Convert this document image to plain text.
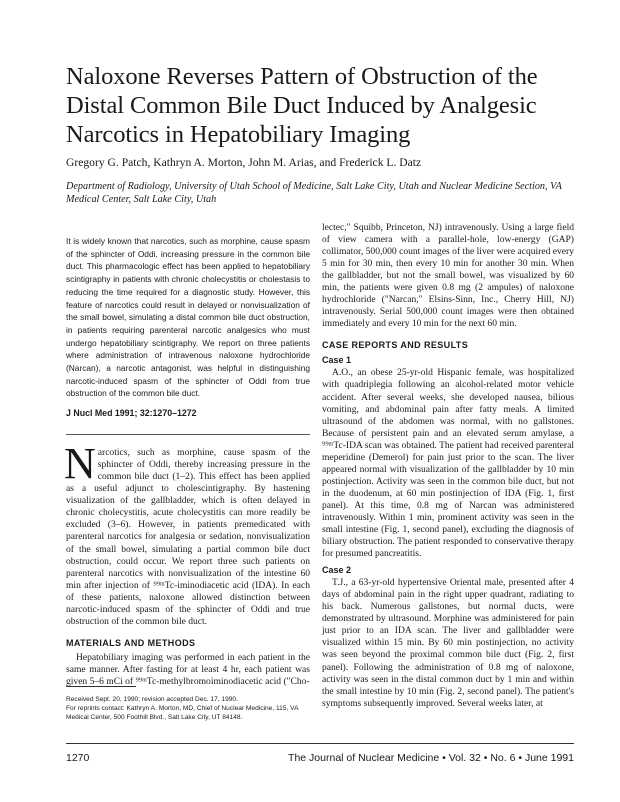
Naloxone Reverses Pattern of Obstruction of the
Distal Common Bile Duct Induced by Analgesic
Narcotics in Hepatobiliary Imaging
Gregory G. Patch, Kathryn A. Morton, John M. Arias, and Frederick L. Datz
Department of Radiology, University of Utah School of Medicine, Salt Lake City, Utah and Nuclear Medicine Section, VA Medical Center, Salt Lake City, Utah

It is widely known that narcotics, such as morphine, cause spasm of the sphincter of Oddi, increasing pressure in the common bile duct. This pharmacologic effect has been applied to hepatobiliary scintigraphy in patients with chronic cholecystitis or cholestasis to reducing the time required for a diagnostic study. However, this feature of narcotics could result in delayed or nonvisualization of the small bowel, simulating a distal common bile duct obstruction, in patients requiring parenteral narcotic analgesics who must undergo hepatobiliary scintigraphy. We report on three patients where administration of intravenous naloxone hydrochloride (Narcan), a narcotic antagonist, was helpful in distinguishing narcotic-induced spasm of the sphincter of Oddi from true obstruction of the common bile duct.

J Nucl Med 1991; 32:1270–1272

Narcotics, such as morphine, cause spasm of the sphincter of Oddi, thereby increasing pressure in the common bile duct (1–2). This effect has been applied as a useful adjunct to cholescintigraphy. By hastening visualization of the gallbladder, which is often delayed in chronic cholecystitis, acute cholecystitis can more readily be excluded (3–6). However, in patients premedicated with parenteral narcotics for analgesia or sedation, nonvisualization of the small bowel, simulating a partial common bile duct obstruction, could occur. We report three such patients on parenteral narcotics with nonvisualization of the intestine 60 min after injection of ⁹⁹ᵐTc-iminodiacetic acid (IDA). In each of these patients, naloxone allowed distinction between narcotic-induced spasm of the sphincter of Oddi and true obstruction of the common bile duct.

MATERIALS AND METHODS

Hepatobiliary imaging was performed in each patient in the same manner. After fasting for at least 4 hr, each patient was given 5–6 mCi of ⁹⁹ᵐTc-methylbromoiminodiacetic acid ("Cho-

Received Sept. 20, 1990; revision accepted Dec. 17, 1990.

For reprints contact: Kathryn A. Morton, MD, Chief of Nuclear Medicine, 115, VA Medical Center, 500 Foothill Blvd., Salt Lake City, UT 84148.

lectec," Squibb, Princeton, NJ) intravenously. Using a large field of view camera with a parallel-hole, low-energy (GAP) collimator, 500,000 count images of the liver were acquired every 5 min for 30 min, then every 10 min for another 30 min. When the gallbladder, but not the small bowel, was visualized by 60 min, the patients were given 0.8 mg (2 ampules) of naloxone hydrochloride ("Narcan," Elsins-Sinn, Inc., Cherry Hill, NJ) intravenously. Serial 500,000 count images were then obtained immediately and every 10 min for the next 60 min.

CASE REPORTS AND RESULTS
Case 1

A.O., an obese 25-yr-old Hispanic female, was hospitalized with quadriplegia following an alcohol-related motor vehicle accident. After several weeks, she developed nausea, bilious vomiting, and abdominal pain after fatty meals. A limited ultrasound of the abdomen was normal, with no gallstones. Because of persistent pain and an elevated serum amylase, a ⁹⁹ᵐTc-IDA scan was obtained. The patient had received parenteral meperidine (Demerol) for pain just prior to the scan. The liver appeared normal with visualization of the gallbladder by 10 min postinjection. Activity was seen in the common bile duct, but not in the duodenum, at 60 min postinjection of IDA (Fig. 1, first panel). At this time, 0.8 mg of Narcan was administered intravenously. Within 1 min, prominent activity was seen in the small intestine (Fig. 1, second panel), excluding the diagnosis of biliary obstruction. The patient responded to conservative therapy for presumed pancreatitis.

Case 2

T.J., a 63-yr-old hypertensive Oriental male, presented after 4 days of abdominal pain in the right upper quadrant, radiating to his back. Numerous gallstones, but normal ducts, were demonstrated by ultrasound. Morphine was administered for pain just prior to an IDA scan. The liver and gallbladder were visualized within 15 min. By 60 min postinjection, no activity was seen beyond the proximal common bile duct (Fig. 2, first panel). Following the administration of 0.8 mg of naloxone, activity was seen in the distal common duct by 1 min and within the small intestine by 10 min (Fig. 2, second panel). The patient's symptoms subsequently improved. Several weeks later, at

1270	The Journal of Nuclear Medicine • Vol. 32 • No. 6 • June 1991
